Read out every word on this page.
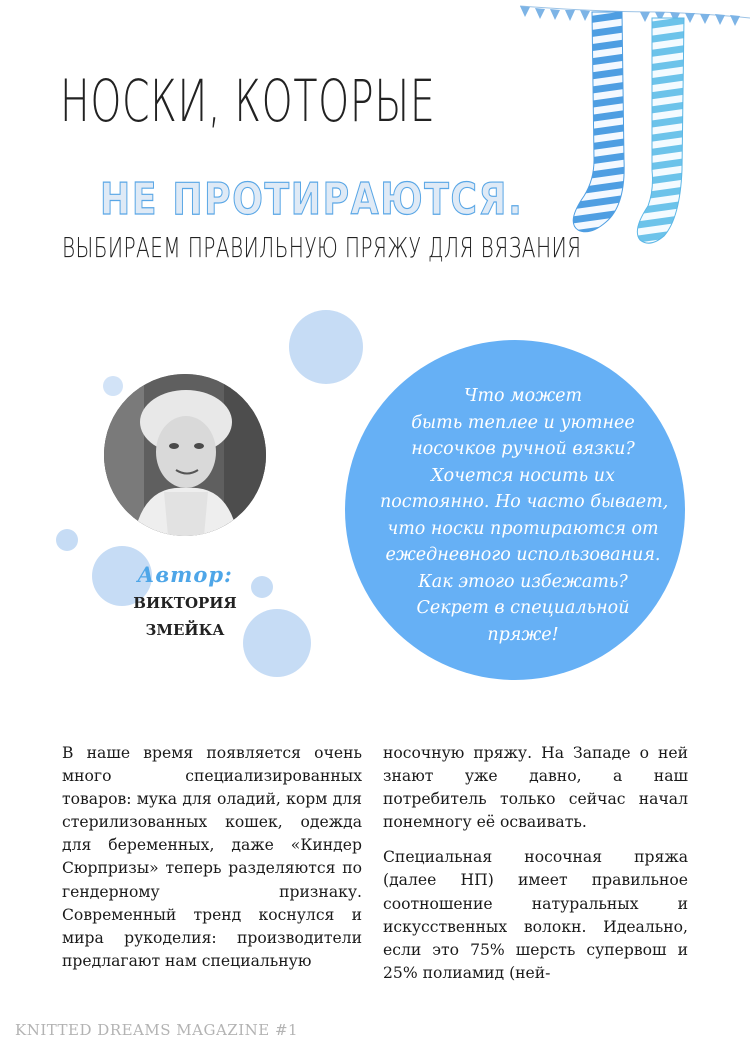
НОСКИ, КОТОРЫЕ
НЕ ПРОТИРАЮТСЯ.
ВЫБИРАЕМ ПРАВИЛЬНУЮ ПРЯЖУ ДЛЯ ВЯЗАНИЯ
Автор:
ВИКТОРИЯ
ЗМЕЙКА
Что может
быть теплее и уютнее
носочков ручной вязки?
Хочется носить их
постоянно. Но часто бывает,
что носки протираются от
ежедневного использования.
Как этого избежать?
Секрет в специальной
пряже!

В наше время появляется очень много специализированных товаров: мука для оладий, корм для стерилизованных кошек, одежда для беременных, даже «Киндер Сюрпризы» теперь разделяются по гендерному признаку. Современный тренд коснулся и мира рукоделия: производители предлагают нам специальную

носочную пряжу. На Западе о ней знают уже давно, а наш потребитель только сейчас начал понемногу её осваивать.

Специальная носочная пряжа (далее НП) имеет правильное соотношение натуральных и искусственных волокн. Идеально, если это 75% шерсть супервош и 25% полиамид (ней-

KNITTED DREAMS MAGAZINE #1
